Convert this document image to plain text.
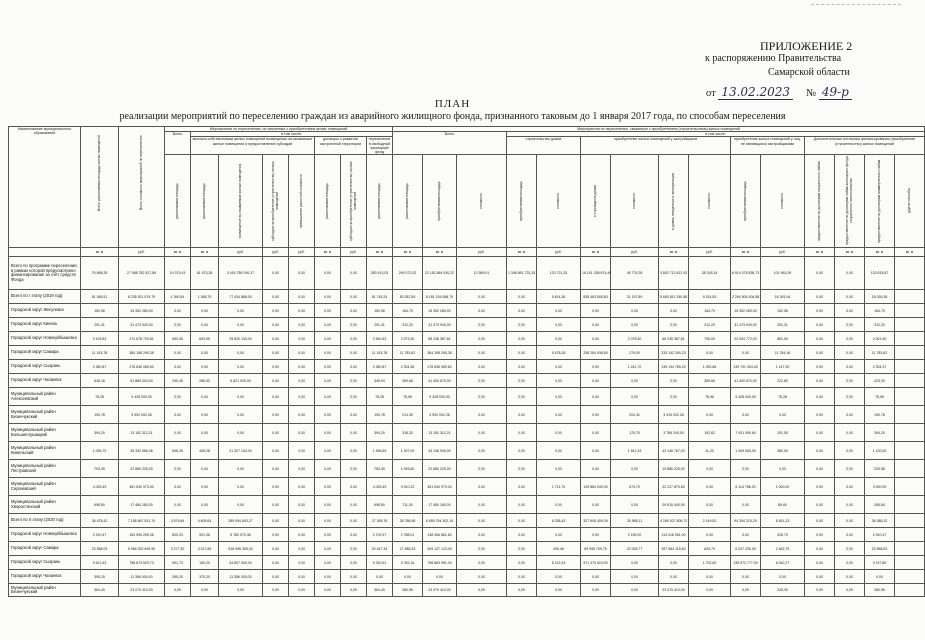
ПРИЛОЖЕНИЕ 2
к распоряжению Правительства
Самарской области
от 13.02.2023 № 49-р
ПЛАН
реализации мероприятий по переселению граждан из аварийного жилищного фонда, признанного таковым до 1 января 2017 года, по способам переселения
Наименование муниципального образования	Всего расселяемая площадь жилых помещений	Всего стоимость мероприятий по переселению	Мероприятия по переселению, не связанные с приобретением жилых помещений								Мероприятия по переселению, связанные с приобретением (строительством) жилых помещений														
			Всего	в том числе:							Всего			в том числе:											
				выплата собственникам жилых помещений возмещения за изымаемые жилые помещения и предоставление субсидий				договоры о развитии застроенной территории		переселение в свободный жилищный фонд				строительство домов		приобретение жилых помещений у застройщиков				приобретение жилых помещений у лиц, не являющихся застройщиками		Дополнительные источники финансирования (приобретение (строительство) жилых помещений			

			расселяемая площадь	расселяемая площадь	возмещение за изымаемые жилые помещения	субсидия на приобретение (строительство) жилых помещений	превышение рыночной стоимости	расселяемая площадь	субсидия на приобретение (строительство) жилых помещений	расселяемая площадь	расселяемая площадь	приобретаемая площадь	стоимость	приобретаемая площадь	стоимость	в строящихся домах	стоимость	в домах, введенных в эксплуатацию	стоимость	приобретаемая площадь	стоимость	предоставление по договорам социального найма	предоставление по договорам найма жилищного фонда социального использования	предоставление по договорам коммерческого найма	другие способы

	кв. м	руб.	кв. м	кв. м	руб.	руб.	руб.	кв. м	руб.	кв. м	кв. м	кв. м	руб.	кв. м	руб.	кв. м	руб.	кв. м	руб.	кв. м	руб.	кв. м	кв. м	кв. м	кв. м
Всего по программе переселения, в рамках которой предусмотрено финансирование за счет средств Фонда	76 895,28	27 958 782 527,89	19 379,43	61 973,28	3 416 786 290,37	0,00	0,00	0,00	0,00	283 913,03	290 072,02	22 152 664 930,22	12 589,01	1 348 891 723,33	133 721,33	16 101 338 874,49	45 776,28	3 802 712 637,92	28 018,34	6 914 078 835,73	101 962,09	0,00	0,00	133 815,87	
Всего по I этапу (2019 год)	51 065,51	8 238 921 579,79	1 390,54	1 368,79	77 434 866,00	0,00	0,00	0,00	0,00	51 745,24	53 287,89	8 181 126 068,79	0,00	0,00	5 614,36	835 463 505,83	31 197,89	5 650 811 250,58	9 314,53	2 264 906 304,58	16 391,94	0,00	0,00	18 039,38	
Городской округ Жигулевск	152,56	15 352 280,00	0,00	0,00	0,00	0,00	0,00	0,00	0,00	152,56	164,70	15 352 280,00	0,00	0,00	0,00	0,00	0,00	0,00	164,70	15 352 280,00	152,56	0,00	0,00	164,70	
Городской округ Кинель	291,31	31 473 940,00	0,00	0,00	0,00	0,00	0,00	0,00	0,00	291,31	312,20	31 473 940,00	0,00	0,00	0,00	0,00	0,00	0,00	312,20	31 473 940,00	291,31	0,00	0,00	312,20	
Городской округ Новокуйбышевск	3 193,83	274 678 720,81	653,05	653,05	25 820 133,00	0,00	0,00	0,00	0,00	2 540,53	2 573,30	88 238 387,81	0,00	0,00	0,00	0,00	2 078,30	66 235 387,81	795,00	22 004 772,00	861,00	0,00	0,00	2 001,90	
Городской округ Самара	11 153,78	384 158 295,38	0,00	0,00	0,00	0,00	0,00	0,00	0,00	11 153,78	11 783,62	384 158 295,38	0,00	0,00	9 478,26	258 284 938,89	279,00	233 142 290,23	0,00	0,00	11 784,16	0,00	0,00	11 783,62	
Городской округ Сызрань	2 360,87	278 836 089,60	0,00	0,00	0,00	0,00	0,00	0,00	0,00	2 360,87	2 334,36	278 836 089,60	0,00	0,00	0,00	0,00	1 241,70	139 134 785,20	1 092,66	139 701 304,40	1 147,30	0,00	0,00	2 334,37	
Городской округ Чапаевск	645,16	51 889 000,00	299,45	286,50	5 821 000,00	0,00	0,00	0,00	0,00	345,94	359,66	41 400 670,00	0,00	0,00	0,00	0,00	0,00	0,00	359,66	41 400 670,00	222,80	0,00	0,00	423,00	
Муниципальный район Алексеевский	78,28	9 428 000,00	0,00	0,00	0,00	0,00	0,00	0,00	0,00	78,28	78,96	9 428 000,00	0,00	0,00	0,00	0,00	0,00	0,00	78,96	9 428 000,00	78,28	0,00	0,00	78,96	
Муниципальный район Безенчукский	190,78	3 992 002,26	0,00	0,00	0,00	0,00	0,00	0,00	0,00	190,78	214,39	3 992 002,26	0,00	0,00	0,00	0,00	204,32	3 319 002,26	0,00	0,00	0,00	0,00	0,00	190,78	
Муниципальный район Большеглушицкий	394,20	13 152 312,21	0,00	0,00	0,00	0,00	0,00	0,00	0,00	394,20	318,32	13 152 312,21	0,00	0,00	0,00	0,00	175,70	3 786 240,00	192,62	7 931 390,64	251,50	0,00	0,00	394,20	
Муниципальный район Кинельский	1 096,70	35 332 966,36	606,28	406,28	21 327 134,00	0,00	0,00	0,00	0,00	1 496,69	1 497,00	43 146 949,00	0,00	0,00	0,00	0,00	1 541,33	43 146 767,00	11,20	1 949 063,00	380,00	0,00	0,00	1 120,00	
Муниципальный район Пестравский	703,39	22 880 225,00	0,00	0,00	0,00	0,00	0,00	0,00	0,00	753,39	1 093,60	22 880 225,00	0,00	0,00	0,00	0,00	0,00	10 886 225,00	0,00	0,00	0,00	0,00	0,00	203,58	
Муниципальный район Сергиевский	4 025,49	451 540 973,00	0,00	0,00	0,00	0,00	0,00	0,00	0,00	4 025,49	3 910,22	451 540 973,00	0,00	0,00	1 711,70	125 884 040,00	673,70	22 227 879,60	0,00	6 114 786,00	1 000,00	0,00	0,00	3 000,90	
Муниципальный район Хворостянский	698,80	17 484 180,00	0,00	0,00	0,00	0,00	0,00	0,00	0,00	698,80	711,00	17 484 180,00	0,00	0,00	0,00	0,00	0,00	29 815 440,00	0,00	0,00	89,60	0,00	0,00	265,84	
Всего по II этапу (2020 год)	36 478,42	7 158 667 531,74	3 879,84	4 609,64	289 094 693,27	0,00	0,00	0,00	0,00	27 395,76	28 786,98	6 659 754 302,19	0,00	0,00	6 238,43	327 905 409,39	25 985,11	4 265 927 809,72	2 149,52	94 354 215,29	8 451,23	0,00	0,00	36 088,32	
Городской округ Новокуйбышевск	2 910,47	153 999 295,36	809,23	901,06	5 780 070,36	0,00	0,00	0,00	0,00	2 702,97	2 788,01	138 456 861,60	0,00	0,00	0,00	0,00	2 195,20	113 418 961,00	0,00	0,00	326,70	0,00	0,00	2 910,47	
Городской округ Самара	23 558,03	5 966 032 699,90	3 277,30	3 017,85	518 998 365,34	0,00	0,00	0,00	0,00	20 447,34	27 585,33	409 127 123,00	0,00	0,00	490,46	65 995 709,75	22 005,77	397 564 115,50	629,79	6 037 226,00	2 462,75	0,00	0,00	23 558,63	
Городской округ Сызрань	9 612,43	798 873 529,73	901,73	150,20	34 807 000,00	0,00	0,00	0,00	0,00	9 310,91	9 782,16	798 863 991,00	0,00	0,00	5 122,43	571 379 624,00	0,00	0,00	1 702,60	135 572 777,00	6 042,27	0,00	0,00	9 197,80	
Городской округ Чапаевск	395,25	11 356 000,00	395,25	370,20	11 356 000,00	0,00	0,00	0,00	0,00	0,00	0,00	0,00	0,00	0,00	0,00	0,00	0,00	0,00	0,00	0,00	0,00	0,00	0,00	0,00	
Муниципальный район Безенчукский	364,40	23 070 410,00	0,00	0,00	0,00	0,00	0,00	0,00	0,00	364,40	360,56	23 070 410,00	0,00	0,00	0,00	0,00	0,00	23 070 410,00	0,00	0,00	243,30	0,00	0,00	360,56	
